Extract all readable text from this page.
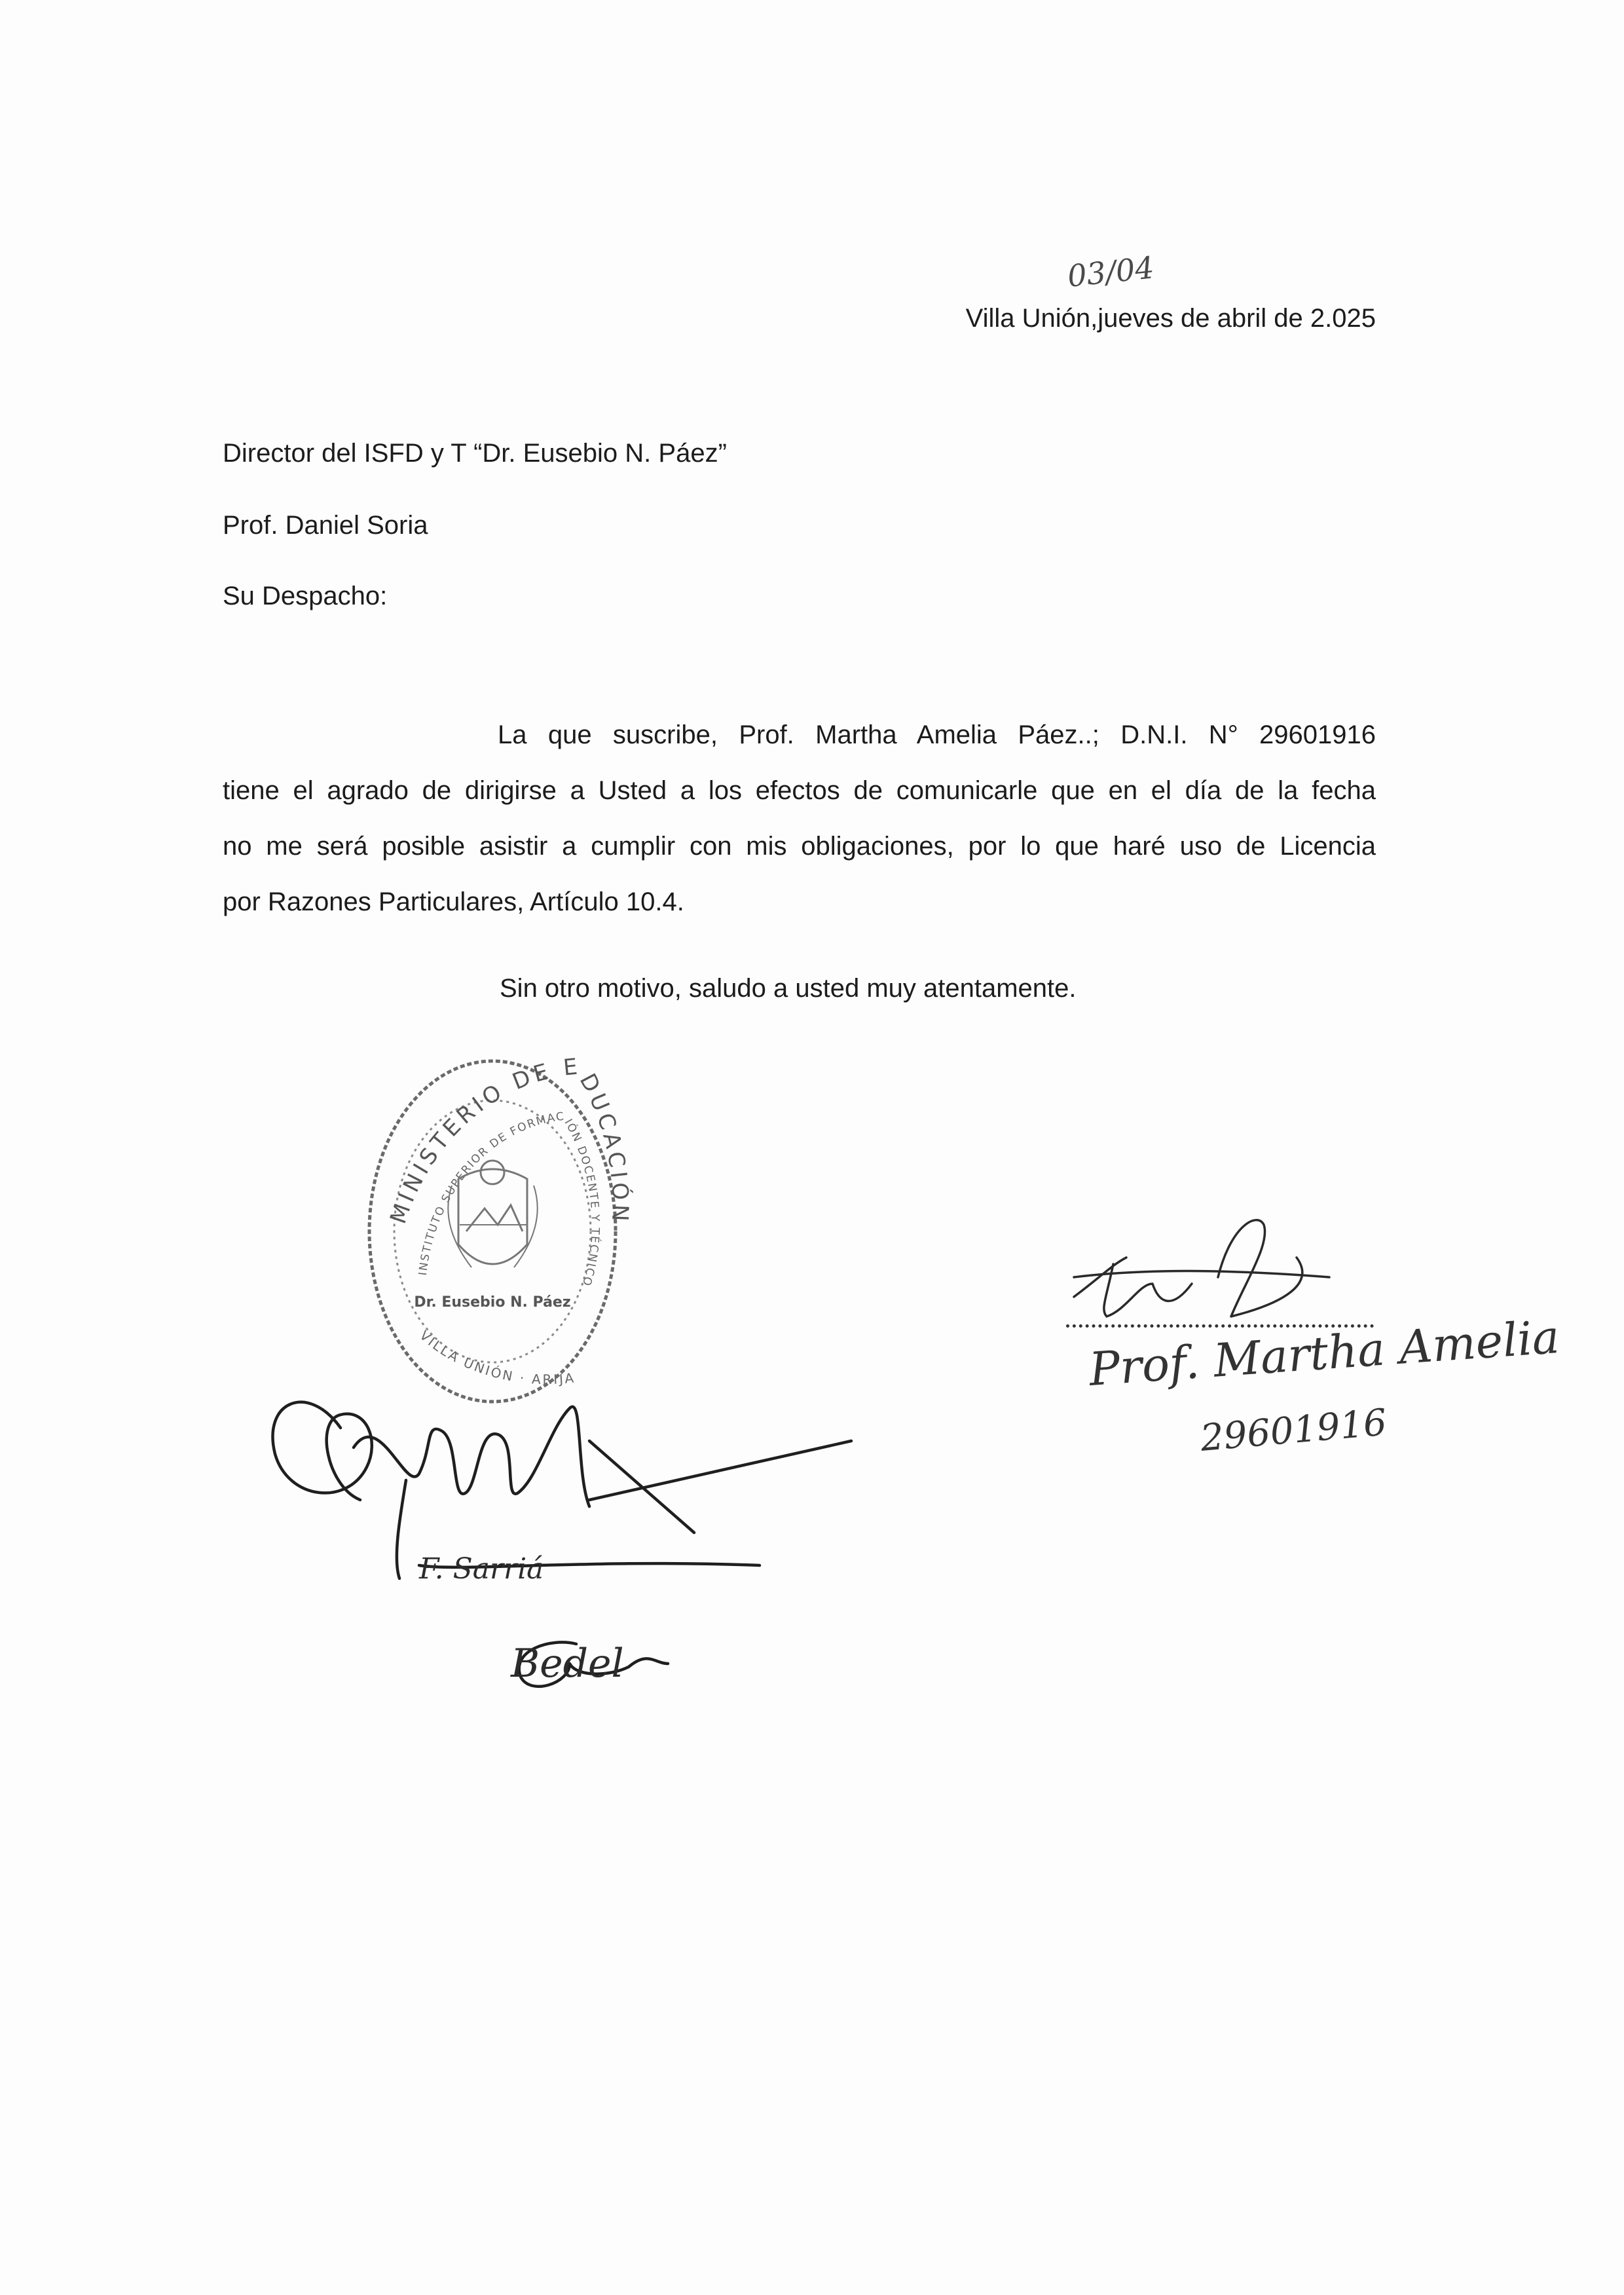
03/04
Villa Unión,jueves de abril de 2.025
Director del ISFD y T “Dr. Eusebio N. Páez”
Prof. Daniel Soria
Su Despacho:
La que suscribe, Prof. Martha Amelia Páez..; D.N.I. N° 29601916
tiene el agrado de dirigirse a Usted a los efectos de comunicarle que en el día de la fecha
no me será posible asistir a cumplir con mis obligaciones, por lo que haré uso de Licencia
por Razones Particulares, Artículo 10.4.
Sin otro motivo, saludo a usted muy atentamente.
MINISTERIO DE EDUCACIÓN
INSTITUTO SUPERIOR DE FORMACIÓN DOCENTE Y TÉCNICO
VILLA UNIÓN · ARIJA
Dr. Eusebio N. Páez
F. Sarriá
Bedel
Prof. Martha Amelia
29601916
